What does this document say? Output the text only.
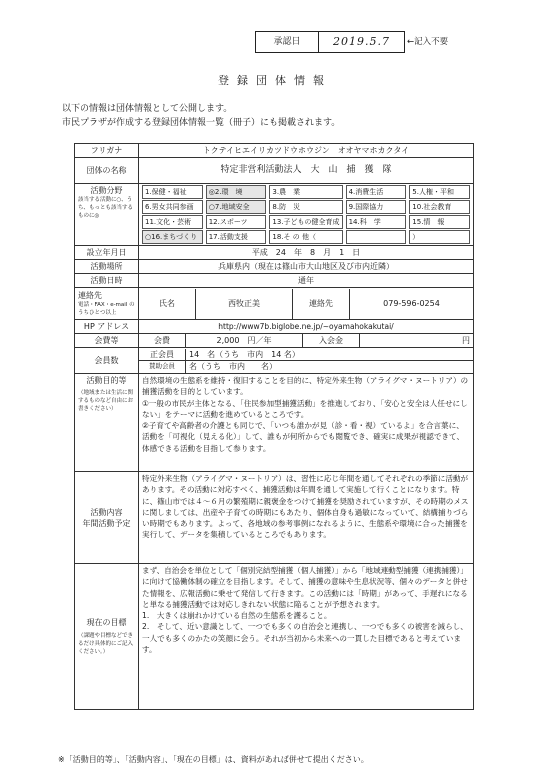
承認日	2019.5.7	←記入不要
登録団体情報
以下の情報は団体情報として公開します。
市民プラザが作成する登録団体情報一覧（冊子）にも掲載されます。
フリガナ	トクテイヒエイリカツドウホウジン　オオヤマホカクタイ
団体の名称	特定非営利活動法人　大　山　捕　獲　隊
活動分野
該当する活動に○、うち、もっとも該当するものに◎

1.保健・福祉	◎2.環　境	3.農　業	4.消費生活	5.人権・平和
6.男女共同参画	○7.地域安全	8.防　災	9.国際協力	10.社会教育
11.文化・芸術	12.スポーツ	13.子どもの健全育成	14.科　学	15.情　報
○16.まちづくり	17.活動支援	18.そ の 他（	）

設立年月日	平成　24　年　8　月　1　日
活動場所	兵庫県内（現在は篠山市大山地区及び市内近隣）
活動日時	通年
連絡先
電話・FAX・e-mail のうちひとつ以上

氏名	西牧正美	連絡先	079-596-0254

HP アドレス	http://www7b.biglobe.ne.jp/~oyamahokakutai/
会費等		会費	2,000　円／年	入会金	円

会員数	
正会員	14　名（うち　市内　14 名）
賛助会員	名（うち　市内　　名）

活動目的等
（地域または生活に関するものなど自由にお書きください）

自然環境の生態系を維持・復旧することを目的に、特定外来生物（アライグマ・ヌートリア）の捕獲活動を目的としています。
①一般の市民が主体となる、「住民参加型捕獲活動」を推進しており、「安心と安全は人任せにしない」をテーマに活動を進めているところです。
②子育てや高齢者の介護とも同じで、「いつも誰かが見（診・看・視）ているよ」を合言葉に、活動を「可視化（見える化）」して、誰もが何所からでも閲覧でき、確実に成果が視認できて、体感できる活動を目指して参ります。

活動内容
年間活動予定

特定外来生物（アライグマ・ヌートリア）は、習性に応じ年間を通してそれぞれの季節に活動があります。その活動に対応すべく、捕獲活動は年間を通して実施して行くことになります。特に、篠山市では４～６月の繁殖期に親褒金をつけて捕獲を奨励されていますが、その時期のメスに関しましては、出産や子育ての時期にもあたり、個体自身も過敏になっていて、結構捕りづらい時期でもあります。よって、各地域の参考事例になれるように、生態系や環境に合った捕獲を実行して、データを集積しているところでもあります。

現在の目標
（課題や目標などできるだけ具体的にご記入ください。）

まず、自治会を単位として「個別完結型捕獲（個人捕獲）」から「地域連動型捕獲（連携捕獲）」に向けて協働体制の確立を目指します。そして、捕獲の意味や生息状況等、個々のデータと併せた情報を、広報活動に乗せて発信して行きます。この活動には「時期」があって、手遅れになると単なる捕獲活動では対応しきれない状態に陥ることが予想されます。
1.　大きくは崩れかけている自然の生態系を護ること。
2.　そして、近い意識として、一つでも多くの自治会と連携し、一つでも多くの被害を減らし、一人でも多くのかたの笑顔に会う。それが当初から未来への一貫した目標であると考えています。
※「活動目的等」、「活動内容」、「現在の目標」は、資料があれば併せて提出ください。
